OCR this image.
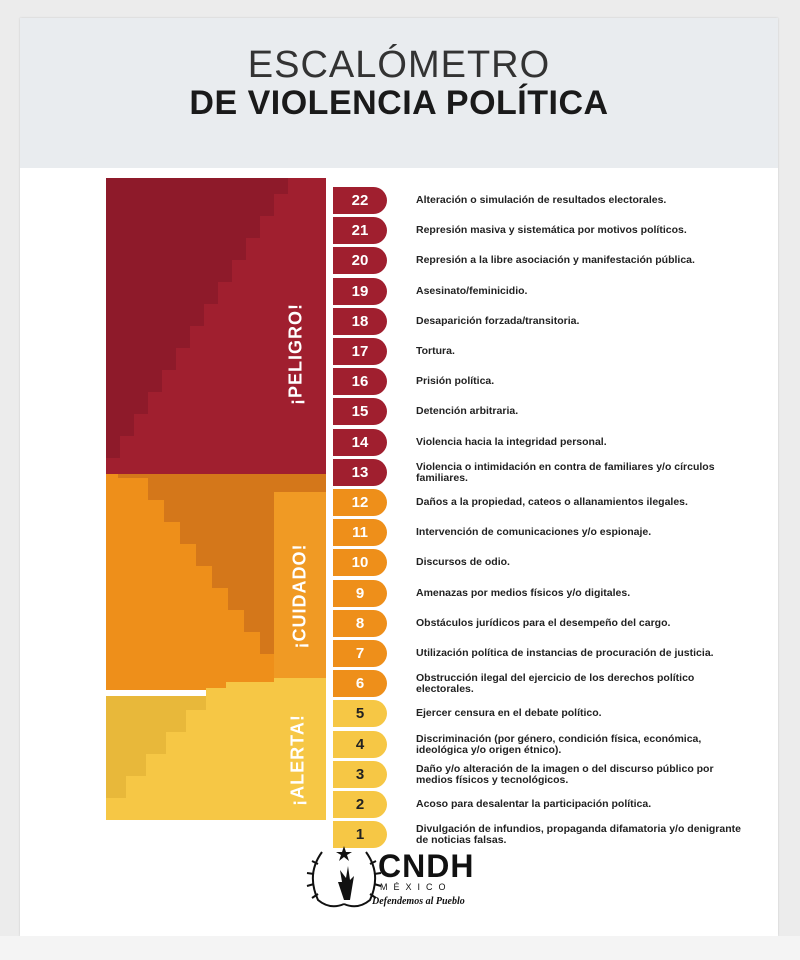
ESCALÓMETRO
DE VIOLENCIA POLÍTICA
¡PELIGRO!
¡CUIDADO!
¡ALERTA!
22	Alteración o simulación de resultados electorales.
21	Represión masiva y sistemática por motivos políticos.
20	Represión a la libre asociación y manifestación pública.
19	Asesinato/feminicidio.
18	Desaparición forzada/transitoria.
17	Tortura.
16	Prisión política.
15	Detención arbitraria.
14	Violencia hacia la integridad personal.
13	Violencia o intimidación en contra de familiares y/o círculos familiares.
12	Daños a la propiedad, cateos o allanamientos ilegales.
11	Intervención de comunicaciones y/o espionaje.
10	Discursos de odio.
9	Amenazas por medios físicos y/o digitales.
8	Obstáculos jurídicos para el desempeño del cargo.
7	Utilización política de instancias de procuración de justicia.
6	Obstrucción ilegal del ejercicio de los derechos político electorales.
5	Ejercer censura en el debate político.
4	Discriminación (por género, condición física, económica, ideológica y/o origen étnico).
3	Daño y/o alteración de la imagen o del discurso público por medios físicos y tecnológicos.
2	Acoso para desalentar la participación política.
1	Divulgación de infundios, propaganda difamatoria y/o denigrante de noticias falsas.
CNDH
MÉXICO
Defendemos al Pueblo
